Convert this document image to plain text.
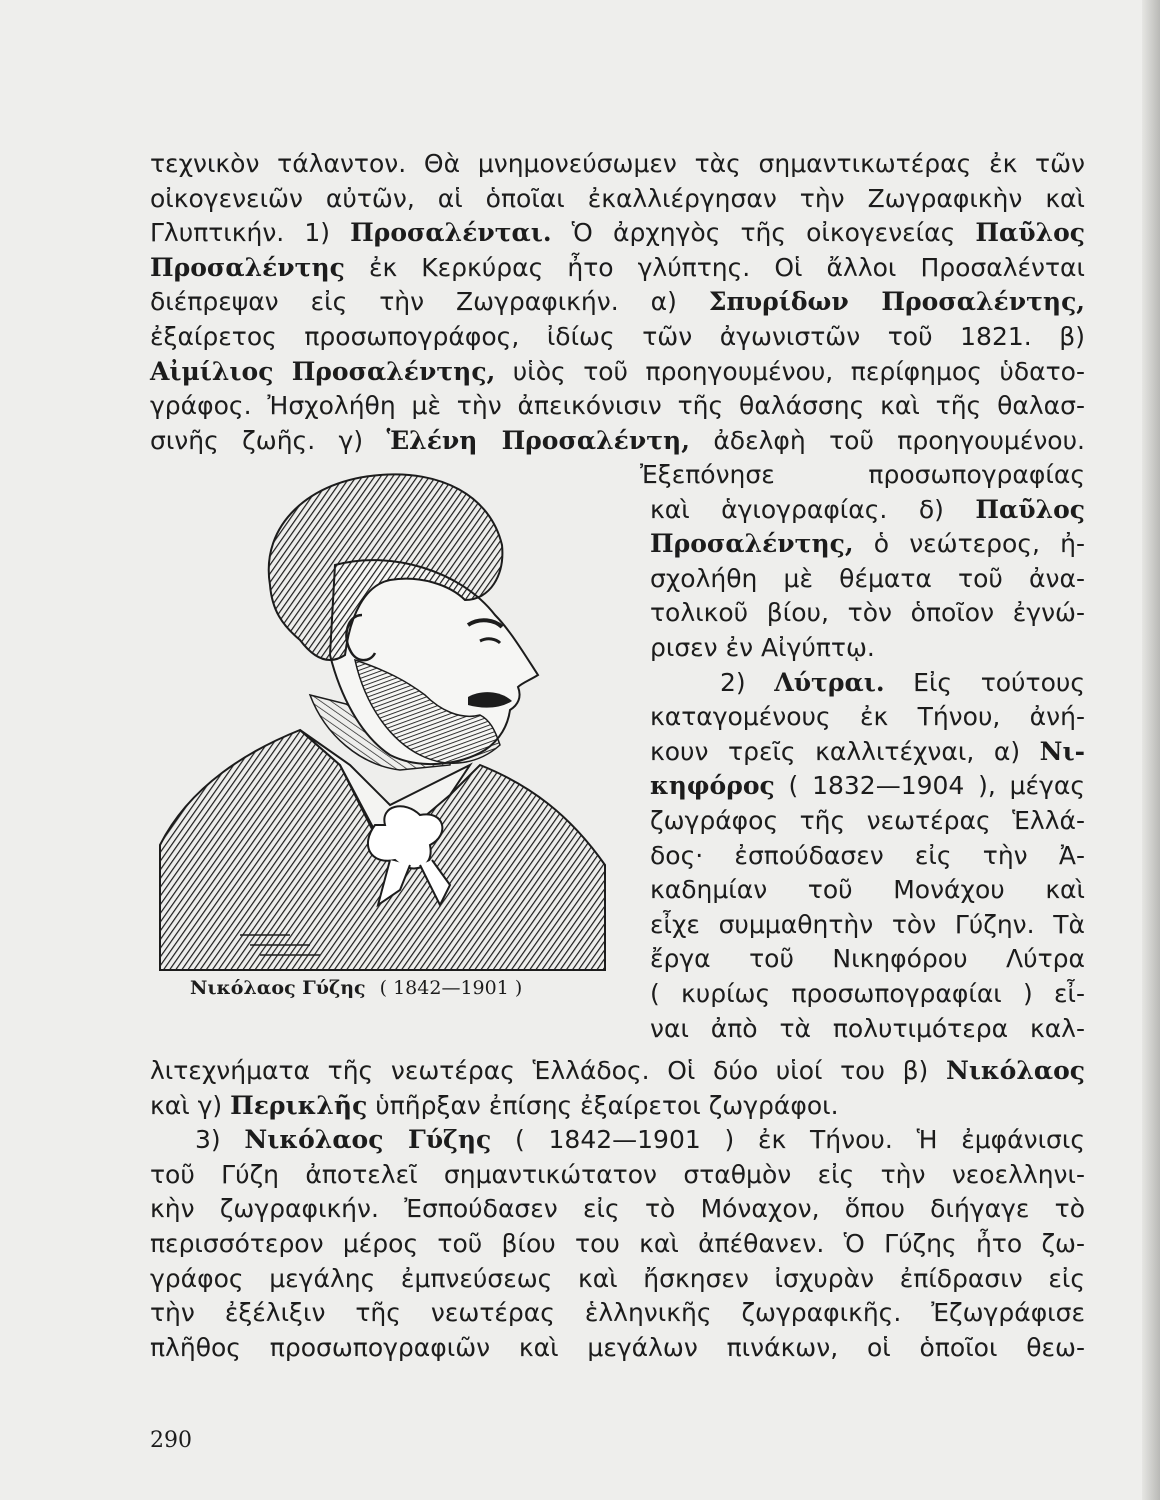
τεχνικὸν τάλαντον. Θὰ μνημονεύσωμεν τὰς σημαντικωτέρας ἐκ τῶν
οἰκογενειῶν αὐτῶν, αἱ ὁποῖαι ἐκαλλιέργησαν τὴν Ζωγραφικὴν καὶ
Γλυπτικήν. 1) Προσαλένται. Ὁ ἀρχηγὸς τῆς οἰκογενείας Παῦλος
Προσαλέντης ἐκ Κερκύρας ἦτο γλύπτης. Οἱ ἄλλοι Προσαλένται
διέπρεψαν εἰς τὴν Ζωγραφικήν. α) Σπυρίδων Προσαλέντης,
ἐξαίρετος προσωπογράφος, ἰδίως τῶν ἀγωνιστῶν τοῦ 1821. β)
Αἰμίλιος Προσαλέντης, υἱὸς τοῦ προηγουμένου, περίφημος ὑδατο-
γράφος. Ἠσχολήθη μὲ τὴν ἀπεικόνισιν τῆς θαλάσσης καὶ τῆς θαλασ-
σινῆς ζωῆς. γ) Ἑλένη Προσαλέντη, ἀδελφὴ τοῦ προηγουμένου.
Ἐξεπόνησε προσωπογραφίας
καὶ ἁγιογραφίας. δ) Παῦλος
Προσαλέντης, ὁ νεώτερος, ἠ-
σχολήθη μὲ θέματα τοῦ ἀνα-
τολικοῦ βίου, τὸν ὁποῖον ἐγνώ-
ρισεν ἐν Αἰγύπτῳ.
2) Λύτραι. Εἰς τούτους
καταγομένους ἐκ Τήνου, ἀνή-
κουν τρεῖς καλλιτέχναι, α) Νι-
κηφόρος ( 1832—1904 ), μέγας
ζωγράφος τῆς νεωτέρας Ἑλλά-
δος· ἐσπούδασεν εἰς τὴν Ἀ-
καδημίαν τοῦ Μονάχου καὶ
εἶχε συμμαθητὴν τὸν Γύζην. Τὰ
ἔργα τοῦ Νικηφόρου Λύτρα
( κυρίως προσωπογραφίαι ) εἶ-
ναι ἀπὸ τὰ πολυτιμότερα καλ-
λιτεχνήματα τῆς νεωτέρας Ἑλλάδος. Οἱ δύο υἱοί του β) Νικόλαος
καὶ γ) Περικλῆς ὑπῆρξαν ἐπίσης ἐξαίρετοι ζωγράφοι.
3) Νικόλαος Γύζης ( 1842—1901 ) ἐκ Τήνου. Ἡ ἐμφάνισις
τοῦ Γύζη ἀποτελεῖ σημαντικώτατον σταθμὸν εἰς τὴν νεοελληνι-
κὴν ζωγραφικήν. Ἐσπούδασεν εἰς τὸ Μόναχον, ὅπου διήγαγε τὸ
περισσότερον μέρος τοῦ βίου του καὶ ἀπέθανεν. Ὁ Γύζης ἦτο ζω-
γράφος μεγάλης ἐμπνεύσεως καὶ ἤσκησεν ἰσχυρὰν ἐπίδρασιν εἰς
τὴν ἐξέλιξιν τῆς νεωτέρας ἑλληνικῆς ζωγραφικῆς. Ἐζωγράφισε
πλῆθος προσωπογραφιῶν καὶ μεγάλων πινάκων, οἱ ὁποῖοι θεω-
Νικόλαος Γύζης ( 1842—1901 )
290
